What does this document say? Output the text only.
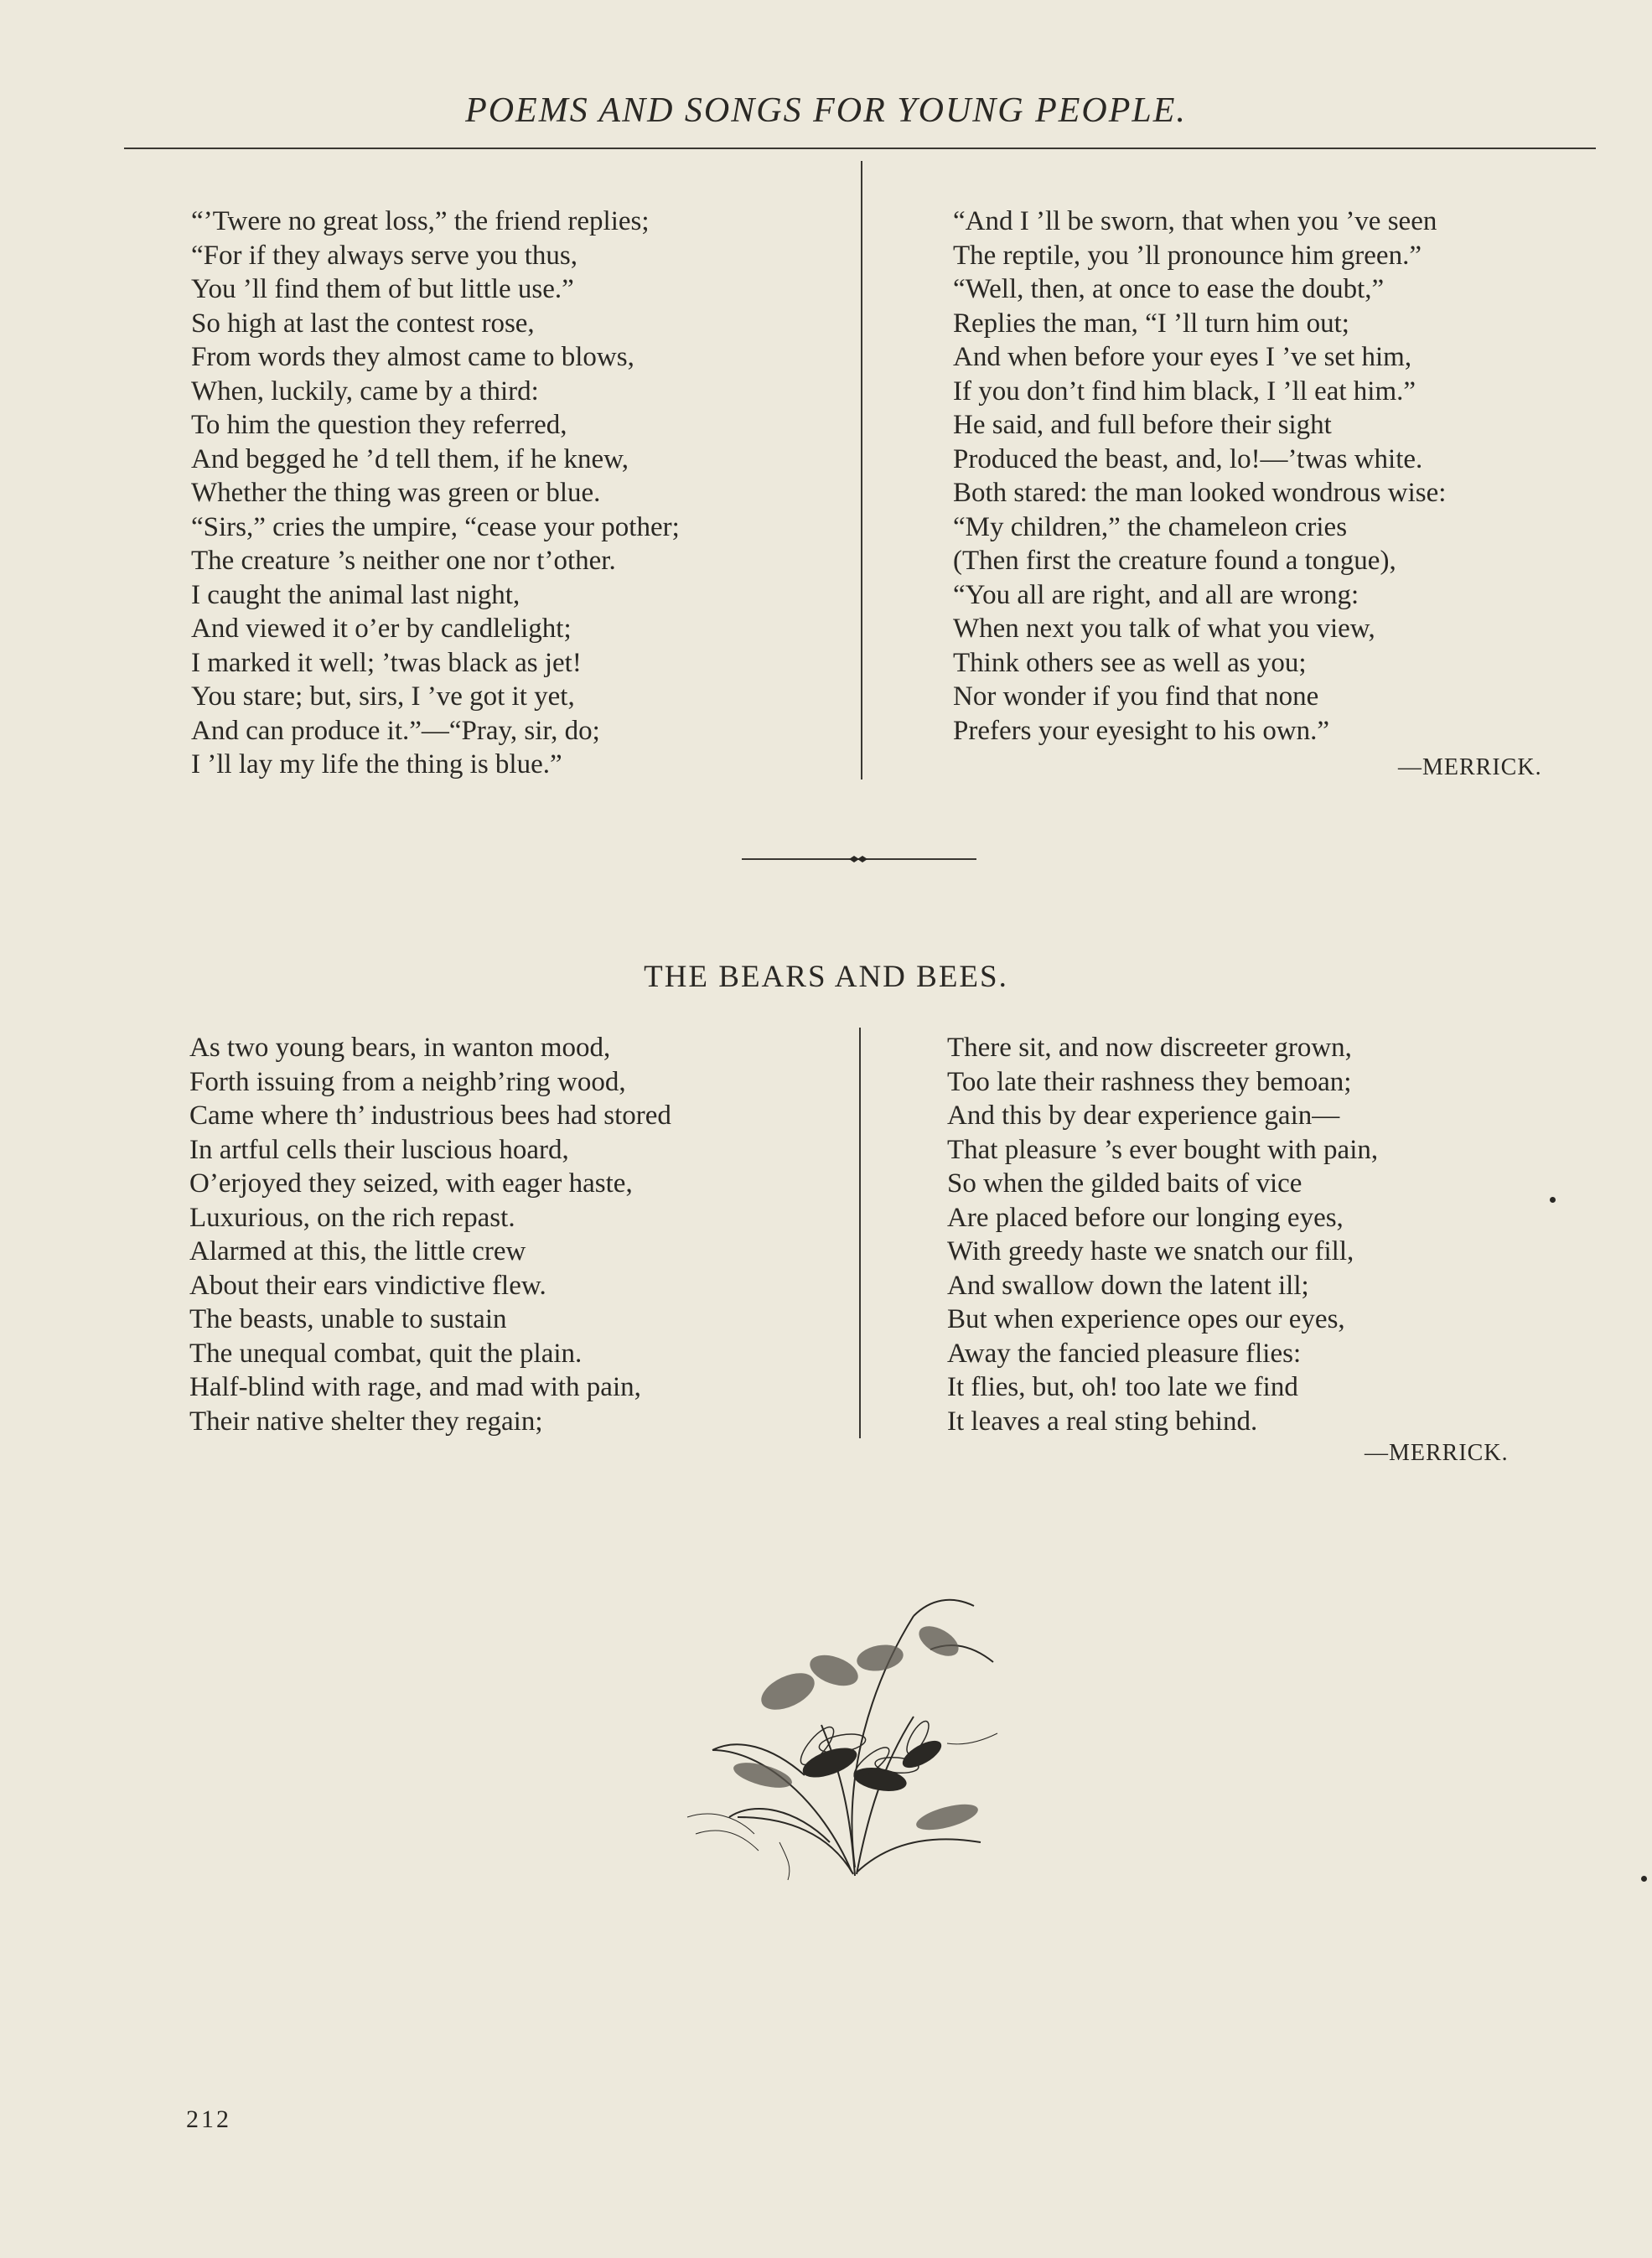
POEMS AND SONGS FOR YOUNG PEOPLE.
“’Twere no great loss,” the friend replies;
“For if they always serve you thus,
You ’ll find them of but little use.”
So high at last the contest rose,
From words they almost came to blows,
When, luckily, came by a third:
To him the question they referred,
And begged he ’d tell them, if he knew,
Whether the thing was green or blue.
“Sirs,” cries the umpire, “cease your pother;
The creature ’s neither one nor t’other.
I caught the animal last night,
And viewed it o’er by candlelight;
I marked it well; ’twas black as jet!
You stare; but, sirs, I ’ve got it yet,
And can produce it.”—“Pray, sir, do;
I ’ll lay my life the thing is blue.”
“And I ’ll be sworn, that when you ’ve seen
The reptile, you ’ll pronounce him green.”
“Well, then, at once to ease the doubt,”
Replies the man, “I ’ll turn him out;
And when before your eyes I ’ve set him,
If you don’t find him black, I ’ll eat him.”
He said, and full before their sight
Produced the beast, and, lo!—’twas white.
Both stared: the man looked wondrous wise:
“My children,” the chameleon cries
(Then first the creature found a tongue),
“You all are right, and all are wrong:
When next you talk of what you view,
Think others see as well as you;
Nor wonder if you find that none
Prefers your eyesight to his own.”
—MERRICK.
THE BEARS AND BEES.
As two young bears, in wanton mood,
Forth issuing from a neighb’ring wood,
Came where th’ industrious bees had stored
In artful cells their luscious hoard,
O’erjoyed they seized, with eager haste,
Luxurious, on the rich repast.
Alarmed at this, the little crew
About their ears vindictive flew.
The beasts, unable to sustain
The unequal combat, quit the plain.
Half-blind with rage, and mad with pain,
Their native shelter they regain;
There sit, and now discreeter grown,
Too late their rashness they bemoan;
And this by dear experience gain—
That pleasure ’s ever bought with pain,
So when the gilded baits of vice
Are placed before our longing eyes,
With greedy haste we snatch our fill,
And swallow down the latent ill;
But when experience opes our eyes,
Away the fancied pleasure flies:
It flies, but, oh! too late we find
It leaves a real sting behind.
—MERRICK.
212
